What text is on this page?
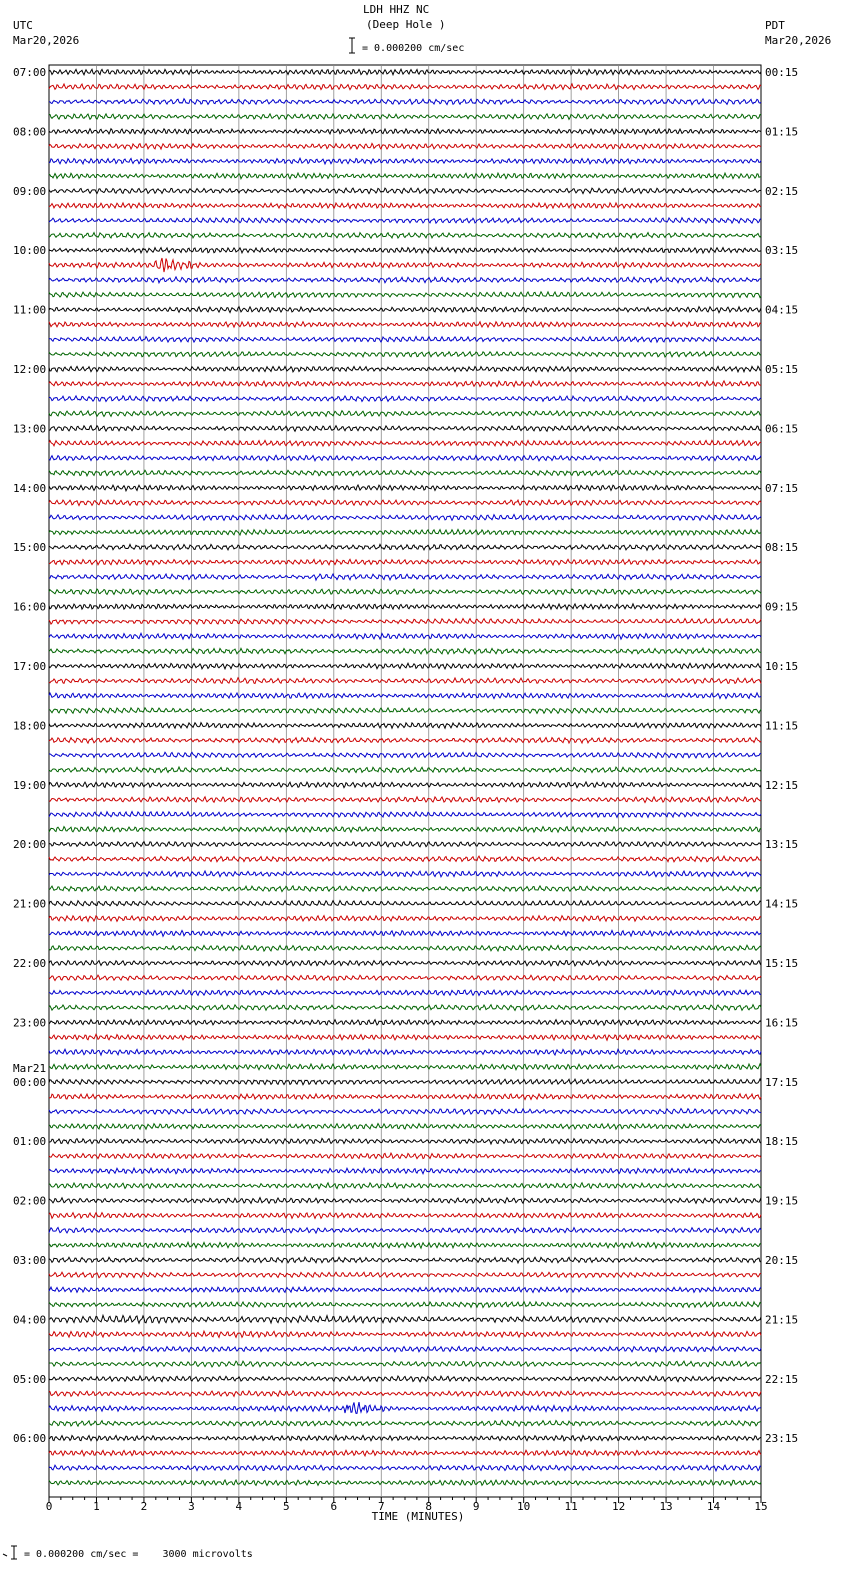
LDH HHZ NC
(Deep Hole )
UTC
Mar20,2026
PDT
Mar20,2026
= 0.000200 cm/sec
= 0.000200 cm/sec =    3000 microvolts
07:00
08:00
09:00
10:00
11:00
12:00
13:00
14:00
15:00
16:00
17:00
18:00
19:00
20:00
21:00
22:00
23:00
00:00
Mar21
01:00
02:00
03:00
04:00
05:00
06:00
00:15
01:15
02:15
03:15
04:15
05:15
06:15
07:15
08:15
09:15
10:15
11:15
12:15
13:15
14:15
15:15
16:15
17:15
18:15
19:15
20:15
21:15
22:15
23:15
0	1	2	3	4	5	6	7	8	9	10	11	12	13	14	15
TIME (MINUTES)
